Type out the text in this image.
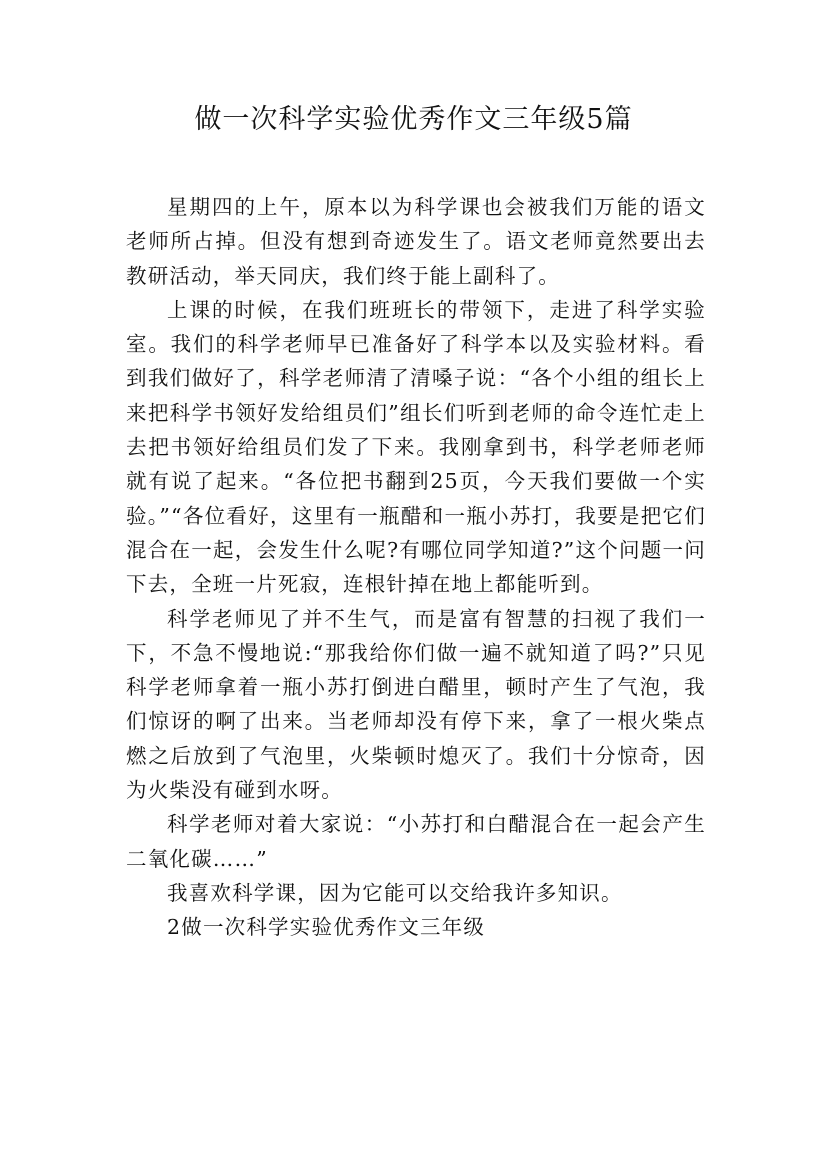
做一次科学实验优秀作文三年级5篇

星期四的上午，原本以为科学课也会被我们万能的语文老师所占掉。但没有想到奇迹发生了。语文老师竟然要出去教研活动，举天同庆，我们终于能上副科了。

上课的时候，在我们班班长的带领下，走进了科学实验室。我们的科学老师早已准备好了科学本以及实验材料。看到我们做好了，科学老师清了清嗓子说：“各个小组的组长上来把科学书领好发给组员们”组长们听到老师的命令连忙走上去把书领好给组员们发了下来。我刚拿到书，科学老师老师就有说了起来。“各位把书翻到25页，今天我们要做一个实验。”“各位看好，这里有一瓶醋和一瓶小苏打，我要是把它们混合在一起，会发生什么呢?有哪位同学知道?”这个问题一问下去，全班一片死寂，连根针掉在地上都能听到。

科学老师见了并不生气，而是富有智慧的扫视了我们一下，不急不慢地说:“那我给你们做一遍不就知道了吗?”只见科学老师拿着一瓶小苏打倒进白醋里，顿时产生了气泡，我们惊讶的啊了出来。当老师却没有停下来，拿了一根火柴点燃之后放到了气泡里，火柴顿时熄灭了。我们十分惊奇，因为火柴没有碰到水呀。

科学老师对着大家说：“小苏打和白醋混合在一起会产生二氧化碳……”

我喜欢科学课，因为它能可以交给我许多知识。

2做一次科学实验优秀作文三年级
